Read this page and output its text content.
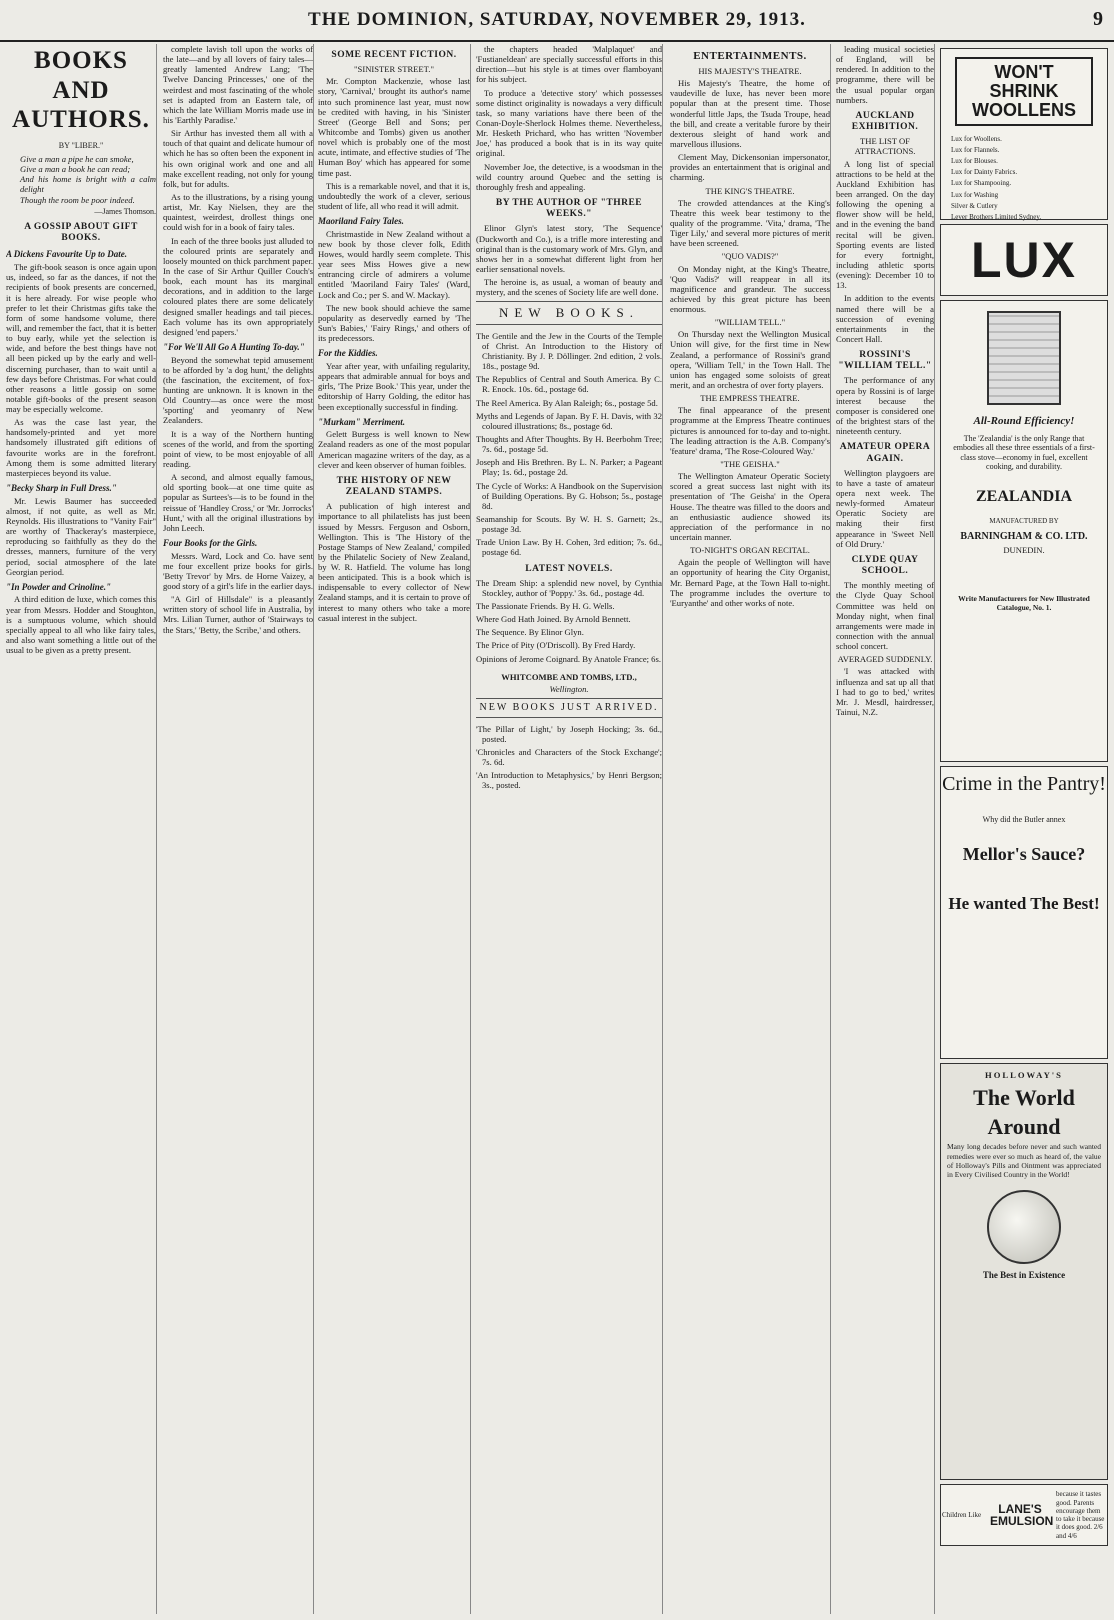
THE DOMINION, SATURDAY, NOVEMBER 29, 1913.	9
BOOKS AND AUTHORS.
BY "LIBER."
Give a man a pipe he can smoke,
Give a man a book he can read;
And his home is bright with a calm delight
Though the room be poor indeed.
—James Thomson.
A GOSSIP ABOUT GIFT BOOKS.
A Dickens Favourite Up to Date.

The gift-book season is once again upon us, indeed, so far as the dances, if not the recipients of book presents are concerned, it is here already. For wise people who prefer to let their Christmas gifts take the form of some handsome volume, there will, and remember the fact, that it is better to buy early, while yet the selection is wide, and before the best things have not all been picked up by the early and well-discerning purchaser, than to wait until a few days before Christmas. For what could other reasons a little gossip on some notable gift-books of the present season may be especially welcome.

As was the case last year, the handsomely-printed and yet more handsomely illustrated gift editions of favourite works are in the forefront. Among them is some admitted literary masterpieces beyond its value.

"Becky Sharp in Full Dress."

Mr. Lewis Baumer has succeeded almost, if not quite, as well as Mr. Reynolds. His illustrations to "Vanity Fair" are worthy of Thackeray's masterpiece, reproducing so faithfully as they do the dresses, manners, furniture of the very period, social atmosphere of the late Georgian period.

"In Powder and Crinoline."

A third edition de luxe, which comes this year from Messrs. Hodder and Stoughton, is a sumptuous volume, which should specially appeal to all who like fairy tales, and also want something a little out of the usual to be given as a pretty present.

complete lavish toll upon the works of the late—and by all lovers of fairy tales—greatly lamented Andrew Lang; 'The Twelve Dancing Princesses,' one of the weirdest and most fascinating of the whole set is adapted from an Eastern tale, of which the late William Morris made use in his 'Earthly Paradise.'

Sir Arthur has invested them all with a touch of that quaint and delicate humour of which he has so often been the exponent in his own original work and one and all make excellent reading, not only for young folk, but for adults.

As to the illustrations, by a rising young artist, Mr. Kay Nielsen, they are the quaintest, weirdest, drollest things one could wish for in a book of fairy tales.

In each of the three books just alluded to the coloured prints are separately and loosely mounted on thick parchment paper. In the case of Sir Arthur Quiller Couch's book, each mount has its marginal decorations, and in addition to the large coloured plates there are some delicately designed smaller headings and tail pieces. Each volume has its own appropriately designed 'end papers.'

"For We'll All Go A Hunting To-day."

Beyond the somewhat tepid amusement to be afforded by 'a dog hunt,' the delights (the fascination, the excitement, of fox-hunting are unknown. It is known in the Old Country—as once were the most 'sporting' and yeomanry of New Zealanders.

It is a way of the Northern hunting scenes of the world, and from the sporting point of view, to be most enjoyable of all reading.

A second, and almost equally famous, old sporting book—at one time quite as popular as Surtees's—is to be found in the reissue of 'Handley Cross,' or 'Mr. Jorrocks' Hunt,' with all the original illustrations by John Leech.

Four Books for the Girls.

Messrs. Ward, Lock and Co. have sent me four excellent prize books for girls. 'Betty Trevor' by Mrs. de Horne Vaizey, a good story of a girl's life in the earlier days.

"A Girl of Hillsdale" is a pleasantly written story of school life in Australia, by Mrs. Lilian Turner, author of 'Stairways to the Stars,' 'Betty, the Scribe,' and others.

SOME RECENT FICTION.
"SINISTER STREET."

Mr. Compton Mackenzie, whose last story, 'Carnival,' brought its author's name into such prominence last year, must now be credited with having, in his 'Sinister Street' (George Bell and Sons; per Whitcombe and Tombs) given us another novel which is probably one of the most acute, intimate, and effective studies of 'The Human Boy' which has appeared for some time past.

This is a remarkable novel, and that it is, undoubtedly the work of a clever, serious student of life, all who read it will admit.

Maoriland Fairy Tales.

Christmastide in New Zealand without a new book by those clever folk, Edith Howes, would hardly seem complete. This year sees Miss Howes give a new entrancing circle of admirers a volume entitled 'Maoriland Fairy Tales' (Ward, Lock and Co.; per S. and W. Mackay).

The new book should achieve the same popularity as deservedly earned by 'The Sun's Babies,' 'Fairy Rings,' and others of its predecessors.

For the Kiddies.

Year after year, with unfailing regularity, appears that admirable annual for boys and girls, 'The Prize Book.' This year, under the editorship of Harry Golding, the editor has been exceptionally successful in finding.

"Murkam" Merriment.

Gelett Burgess is well known to New Zealand readers as one of the most popular American magazine writers of the day, as a clever and keen observer of human foibles.

THE HISTORY OF NEW ZEALAND STAMPS.

A publication of high interest and importance to all philatelists has just been issued by Messrs. Ferguson and Osborn, Wellington. This is 'The History of the Postage Stamps of New Zealand,' compiled by the Philatelic Society of New Zealand, by W. R. Hatfield. The volume has long been anticipated. This is a book which is indispensable to every collector of New Zealand stamps, and it is certain to prove of interest to many others who take a more casual interest in the subject.

the chapters headed 'Malplaquet' and 'Fustianeldean' are specially successful efforts in this direction—but his style is at times over flamboyant for his subject.

To produce a 'detective story' which possesses some distinct originality is nowadays a very difficult task, so many variations have there been of the Conan-Doyle-Sherlock Holmes theme. Nevertheless, Mr. Hesketh Prichard, who has written 'November Joe,' has produced a book that is in its way quite original.

November Joe, the detective, is a woodsman in the wild country around Quebec and the setting is thoroughly fresh and appealing.

BY THE AUTHOR OF "THREE WEEKS."

Elinor Glyn's latest story, 'The Sequence' (Duckworth and Co.), is a trifle more interesting and original than is the customary work of Mrs. Glyn, and shows her in a somewhat different light from her earlier sensational novels.

The heroine is, as usual, a woman of beauty and mystery, and the scenes of Society life are well done.

NEW BOOKS.
The Gentile and the Jew in the Courts of the Temple of Christ. An Introduction to the History of Christianity. By J. P. Döllinger. 2nd edition, 2 vols. 18s., postage 9d.
The Republics of Central and South America. By C. R. Enock. 10s. 6d., postage 6d.
The Reel America. By Alan Raleigh; 6s., postage 5d.
Myths and Legends of Japan. By F. H. Davis, with 32 coloured illustrations; 8s., postage 6d.
Thoughts and After Thoughts. By H. Beerbohm Tree; 7s. 6d., postage 5d.
Joseph and His Brethren. By L. N. Parker; a Pageant Play; 1s. 6d., postage 2d.
The Cycle of Works: A Handbook on the Supervision of Building Operations. By G. Hobson; 5s., postage 8d.
Seamanship for Scouts. By W. H. S. Garnett; 2s., postage 3d.
Trade Union Law. By H. Cohen, 3rd edition; 7s. 6d., postage 6d.
LATEST NOVELS.
The Dream Ship: a splendid new novel, by Cynthia Stockley, author of 'Poppy.' 3s. 6d., postage 4d.
The Passionate Friends. By H. G. Wells.
Where God Hath Joined. By Arnold Bennett.
The Sequence. By Elinor Glyn.
The Price of Pity (O'Driscoll). By Fred Hardy.
Opinions of Jerome Coignard. By Anatole France; 6s.
WHITCOMBE AND TOMBS, LTD.,
Wellington.
NEW BOOKS JUST ARRIVED.
'The Pillar of Light,' by Joseph Hocking; 3s. 6d., posted.
'Chronicles and Characters of the Stock Exchange'; 7s. 6d.
'An Introduction to Metaphysics,' by Henri Bergson; 3s., posted.
ENTERTAINMENTS.
HIS MAJESTY'S THEATRE.

His Majesty's Theatre, the home of vaudeville de luxe, has never been more popular than at the present time. Those wonderful little Japs, the Tsuda Troupe, head the bill, and create a veritable furore by their dexterous sleight of hand work and marvellous illusions.

Clement May, Dickensonian impersonator, provides an entertainment that is original and charming.

THE KING'S THEATRE.

The crowded attendances at the King's Theatre this week bear testimony to the quality of the programme. 'Vita,' drama, 'The Tiger Lily,' and several more pictures of merit have been screened.

"QUO VADIS?"

On Monday night, at the King's Theatre, 'Quo Vadis?' will reappear in all its magnificence and grandeur. The success achieved by this great picture has been enormous.

"WILLIAM TELL."

On Thursday next the Wellington Musical Union will give, for the first time in New Zealand, a performance of Rossini's grand opera, 'William Tell,' in the Town Hall. The union has engaged some soloists of great merit, and an orchestra of over forty players.

THE EMPRESS THEATRE.

The final appearance of the present programme at the Empress Theatre continues pictures is announced for to-day and to-night. The leading attraction is the A.B. Company's 'feature' drama, 'The Rose-Coloured Way.'

"THE GEISHA."

The Wellington Amateur Operatic Society scored a great success last night with its presentation of 'The Geisha' in the Opera House. The theatre was filled to the doors and an enthusiastic audience showed its appreciation of the performance in no uncertain manner.

TO-NIGHT'S ORGAN RECITAL.

Again the people of Wellington will have an opportunity of hearing the City Organist, Mr. Bernard Page, at the Town Hall to-night. The programme includes the overture to 'Euryanthe' and other works of note.

leading musical societies of England, will be rendered. In addition to the programme, there will be the usual popular organ numbers.

AUCKLAND EXHIBITION.
THE LIST OF ATTRACTIONS.

A long list of special attractions to be held at the Auckland Exhibition has been arranged. On the day following the opening a flower show will be held, and in the evening the band recital will be given. Sporting events are listed for every fortnight, including athletic sports (evening): December 10 to 13.

In addition to the events named there will be a succession of evening entertainments in the Concert Hall.

ROSSINI'S "WILLIAM TELL."

The performance of any opera by Rossini is of large interest because the composer is considered one of the brightest stars of the nineteenth century.

AMATEUR OPERA AGAIN.

Wellington playgoers are to have a taste of amateur opera next week. The newly-formed Amateur Operatic Society are making their first appearance in 'Sweet Nell of Old Drury.'

CLYDE QUAY SCHOOL.

The monthly meeting of the Clyde Quay School Committee was held on Monday night, when final arrangements were made in connection with the annual school concert.

AVERAGED SUDDENLY.

'I was attacked with influenza and sat up all that I had to go to bed,' writes Mr. J. Mesdl, hairdresser, Tainui, N.Z.

WON'T
SHRINK
WOOLLENS
Lux for Woollens.
Lux for Flannels.
Lux for Blouses.
Lux for Dainty Fabrics.
Lux for Shampooing.
Lux for Washing
Silver & Cutlery
Lever Brothers Limited Sydney.
LUX
All-Round Efficiency!
The 'Zealandia' is the only Range that embodies all these three essentials of a first-class stove—economy in fuel, excellent cooking, and durability.
ZEALANDIA
MANUFACTURED BY
BARNINGHAM & CO. LTD.
DUNEDIN.
Write Manufacturers for New Illustrated Catalogue, No. 1.
Crime in the Pantry!
Why did the Butler annex
Mellor's Sauce?
He wanted The Best!
HOLLOWAY'S
The World
Around
Many long decades before never and such wanted remedies were ever so much as heard of, the value of Holloway's Pills and Ointment was appreciated in Every Civilised Country in the World!
The Best in Existence
Children Like	LANE'S EMULSION
because it tastes good. Parents encourage them to take it because it does good. 2/6 and 4/6
